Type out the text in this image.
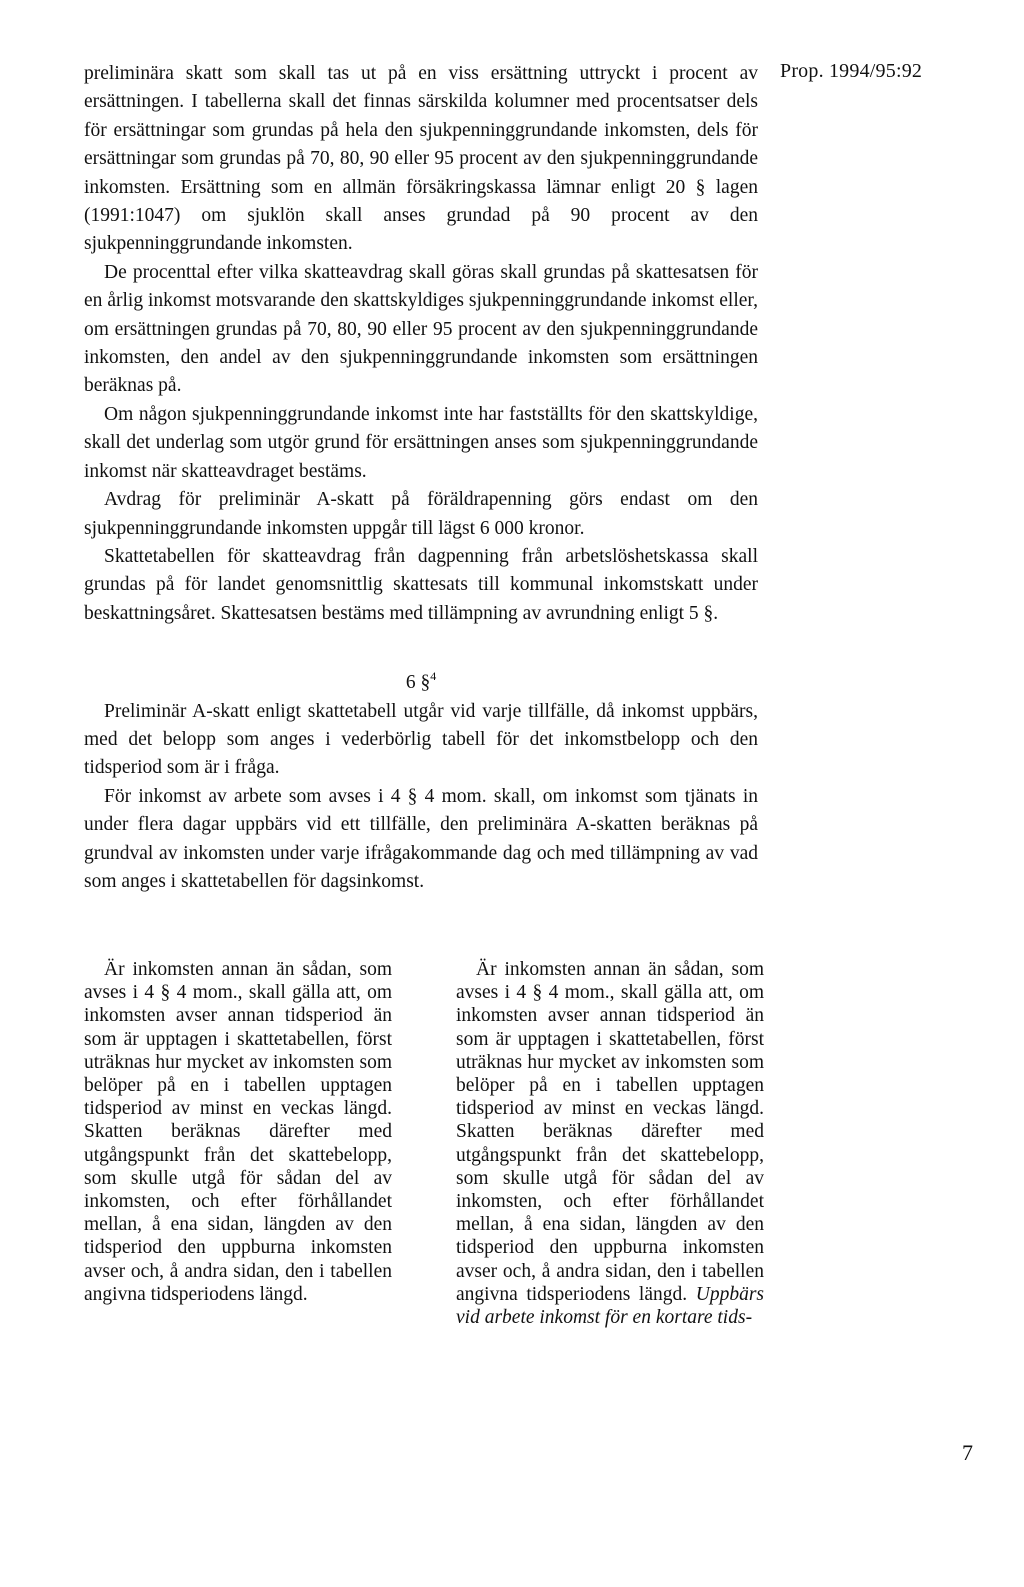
Prop. 1994/95:92

preliminära skatt som skall tas ut på en viss ersättning uttryckt i procent av ersättningen. I tabellerna skall det finnas särskilda kolumner med procentsatser dels för ersättningar som grundas på hela den sjukpenninggrundande inkomsten, dels för ersättningar som grundas på 70, 80, 90 eller 95 procent av den sjukpenninggrundande inkomsten. Ersättning som en allmän försäkringskassa lämnar enligt 20 § lagen (1991:1047) om sjuklön skall anses grundad på 90 procent av den sjukpenninggrundande inkomsten.

De procenttal efter vilka skatteavdrag skall göras skall grundas på skattesatsen för en årlig inkomst motsvarande den skattskyldiges sjukpenninggrundande inkomst eller, om ersättningen grundas på 70, 80, 90 eller 95 procent av den sjukpenninggrundande inkomsten, den andel av den sjukpenninggrundande inkomsten som ersättningen beräknas på.

Om någon sjukpenninggrundande inkomst inte har fastställts för den skattskyldige, skall det underlag som utgör grund för ersättningen anses som sjukpenninggrundande inkomst när skatteavdraget bestäms.

Avdrag för preliminär A-skatt på föräldrapenning görs endast om den sjukpenninggrundande inkomsten uppgår till lägst 6 000 kronor.

Skattetabellen för skatteavdrag från dagpenning från arbetslöshetskassa skall grundas på för landet genomsnittlig skattesats till kommunal inkomstskatt under beskattningsåret. Skattesatsen bestäms med tillämpning av avrundning enligt 5 §.

6 §$^4$

Preliminär A-skatt enligt skattetabell utgår vid varje tillfälle, då inkomst uppbärs, med det belopp som anges i vederbörlig tabell för det inkomstbelopp och den tidsperiod som är i fråga.

För inkomst av arbete som avses i 4 § 4 mom. skall, om inkomst som tjänats in under flera dagar uppbärs vid ett tillfälle, den preliminära A-skatten beräknas på grundval av inkomsten under varje ifrågakommande dag och med tillämpning av vad som anges i skattetabellen för dagsinkomst.

Är inkomsten annan än sådan, som avses i 4 § 4 mom., skall gälla att, om inkomsten avser annan tidsperiod än som är upptagen i skattetabellen, först uträknas hur mycket av inkomsten som belöper på en i tabellen upptagen tidsperiod av minst en veckas längd. Skatten beräknas därefter med utgångspunkt från det skattebelopp, som skulle utgå för sådan del av inkomsten, och efter förhållandet mellan, å ena sidan, längden av den tidsperiod den uppburna inkomsten avser och, å andra sidan, den i tabellen angivna tidsperiodens längd.

Är inkomsten annan än sådan, som avses i 4 § 4 mom., skall gälla att, om inkomsten avser annan tidsperiod än som är upptagen i skattetabellen, först uträknas hur mycket av inkomsten som belöper på en i tabellen upptagen tidsperiod av minst en veckas längd. Skatten beräknas därefter med utgångspunkt från det skattebelopp, som skulle utgå för sådan del av inkomsten, och efter förhållandet mellan, å ena sidan, längden av den tidsperiod den uppburna inkomsten avser och, å andra sidan, den i tabellen angivna tidsperiodens längd. Uppbärs vid arbete inkomst för en kortare tids-

7
